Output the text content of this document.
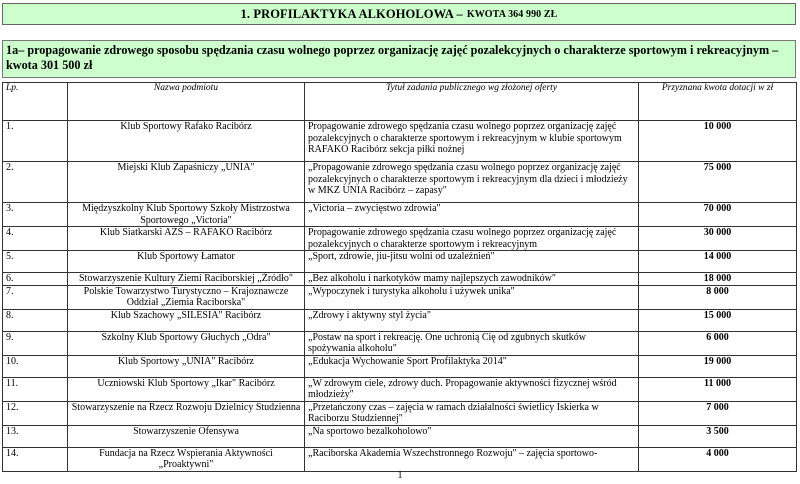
1. PROFILAKTYKA ALKOHOLOWA – KWOTA 364 990 ZŁ
1a– propagowanie zdrowego sposobu spędzania czasu wolnego poprzez organizację zajęć pozalekcyjnych o charakterze sportowym i rekreacyjnym – kwota 301 500 zł
Lp.	Nazwa podmiotu	Tytuł zadania publicznego wg złożonej oferty	Przyznana kwota dotacji w zł
1.	Klub Sportowy Rafako Racibórz	Propagowanie zdrowego spędzania czasu wolnego poprzez organizację zajęć pozalekcyjnych o charakterze sportowym i rekreacyjnym w klubie sportowym RAFAKO Racibórz sekcja piłki nożnej	10 000
2.	Miejski Klub Zapaśniczy „UNIA"	„Propagowanie zdrowego spędzania czasu wolnego poprzez organizację zajęć pozalekcyjnych o charakterze sportowym i rekreacyjnym dla dzieci i młodzieży w MKZ UNIA Racibórz – zapasy"	75 000
3.	Międzyszkolny Klub Sportowy Szkoły Mistrzostwa Sportowego „Victoria"	„Victoria – zwycięstwo zdrowia"	70 000
4.	Klub Siatkarski AZS – RAFAKO Racibórz	Propagowanie zdrowego spędzania czasu wolnego poprzez organizację zajęć pozalekcyjnych o charakterze sportowym i rekreacyjnym	30 000
5.	Klub Sportowy Łamator	„Sport, zdrowie, jiu-jitsu wolni od uzależnień"	14 000
6.	Stowarzyszenie Kultury Ziemi Raciborskiej „Źródło"	„Bez alkoholu i narkotyków mamy najlepszych zawodników"	18 000
7.	Polskie Towarzystwo Turystyczno – Krajoznawcze Oddział „Ziemia Raciborska"	„Wypoczynek i turystyka alkoholu i używek unika"	8 000
8.	Klub Szachowy „SILESIA" Racibórz	„Zdrowy i aktywny styl życia"	15 000
9.	Szkolny Klub Sportowy Głuchych „Odra"	„Postaw na sport i rekreację. One uchronią Cię od zgubnych skutków spożywania alkoholu"	6 000
10.	Klub Sportowy „UNIA" Racibórz	„Edukacja Wychowanie Sport Profilaktyka 2014"	19 000
11.	Uczniowski Klub Sportowy „Ikar" Racibórz	„W zdrowym ciele, zdrowy duch. Propagowanie aktywności fizycznej wśród młodzieży"	11 000
12.	Stowarzyszenie na Rzecz Rozwoju Dzielnicy Studzienna	„Przetańczony czas – zajęcia w ramach działalności świetlicy Iskierka w Raciborzu Studziennej"	7 000
13.	Stowarzyszenie Ofensywa	„Na sportowo bezalkoholowo"	3 500
14.	Fundacja na Rzecz Wspierania Aktywności „Proaktywni"	„Raciborska Akademia Wszechstronnego Rozwoju" – zajęcia sportowo-	4 000
1
